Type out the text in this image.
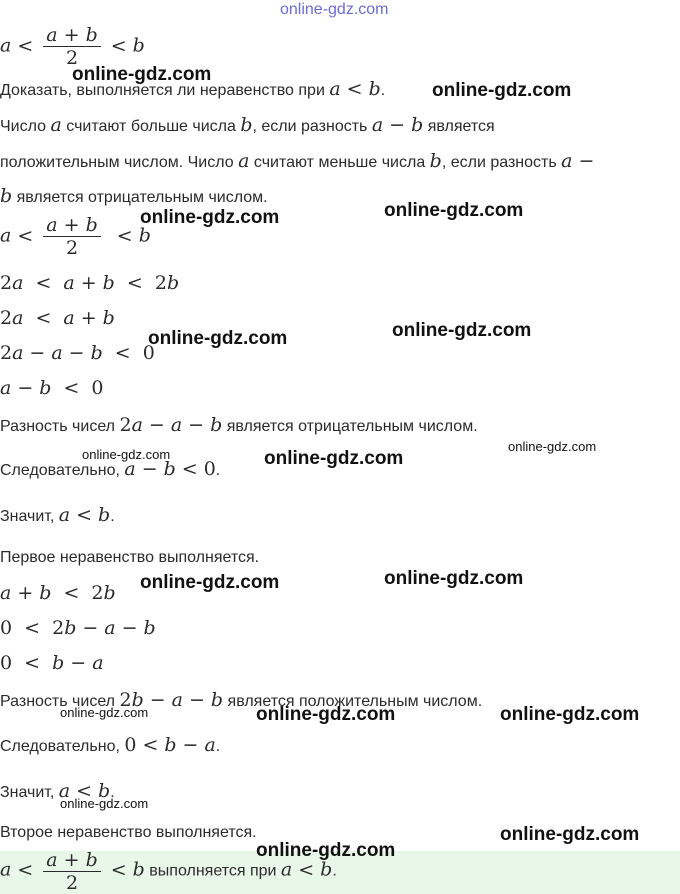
online-gdz.com
$a < \frac{a + b}{2} < b$
online-gdz.com
Доказать, выполняется ли неравенство при a < b. online-gdz.com
Число a считают больше числа b, если разность a − b является
положительным числом. Число a считают меньше числа b, если разность a −
b является отрицательным числом.
$a < \frac{a + b}{2} < b$
online-gdz.com	online-gdz.com
2a < a + b < 2b
2a < a + b
online-gdz.com	online-gdz.com
2a − a − b < 0
a − b < 0
Разность чисел 2a − a − b является отрицательным числом.
online-gdz.com
online-gdz.com
Следовательно, a − b < 0.
online-gdz.com
Значит, a < b.
Первое неравенство выполняется.
a + b < 2b online-gdz.com	online-gdz.com
0 < 2b − a − b
0 < b − a
Разность чисел 2b − a − b является положительным числом.
online-gdz.com	online-gdz.com	online-gdz.com
Следовательно, 0 < b − a.
Значит, a < b.
online-gdz.com
Второе неравенство выполняется.	online-gdz.com
$a < \frac{a + b}{2} < b$ выполняется при a < b.
online-gdz.com
